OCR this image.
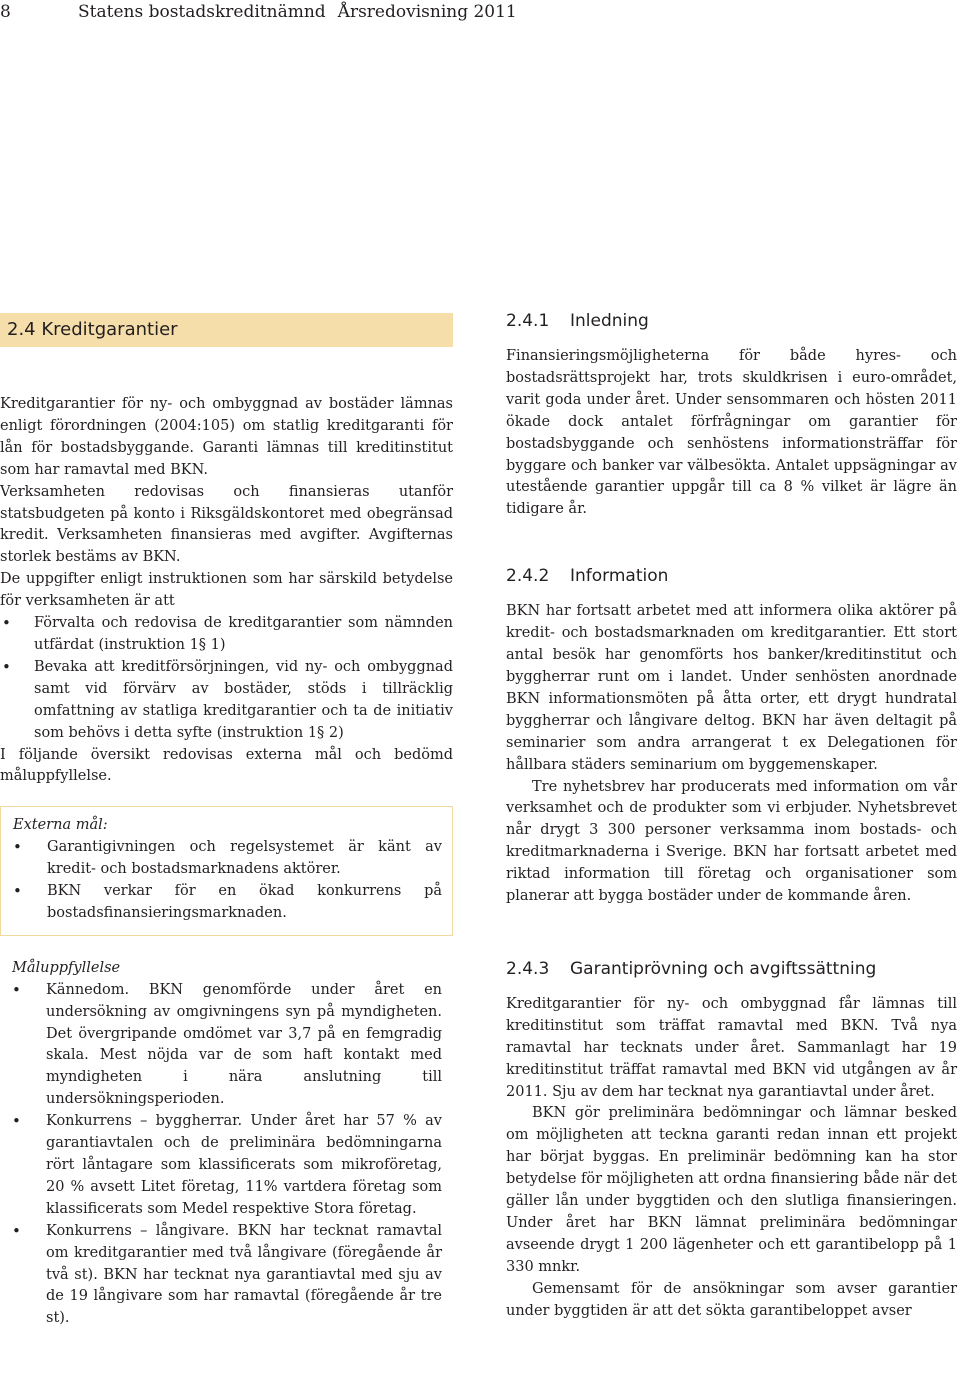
8	Statens bostadskreditnämnd Årsredovisning 2011
2.4 Kreditgarantier

Kreditgarantier för ny- och ombyggnad av bostäder lämnas enligt förordningen (2004:105) om statlig kreditgaranti för lån för bostadsbyggande. Garanti lämnas till kreditinstitut som har ramavtal med BKN.

Verksamheten redovisas och finansieras utanför statsbudgeten på konto i Riksgäldskontoret med obegränsad kredit. Verksamheten finansieras med avgifter. Avgifternas storlek bestäms av BKN.

De uppgifter enligt instruktionen som har särskild betydelse för verksamheten är att

• Förvalta och redovisa de kreditgarantier som nämnden utfärdat (instruktion 1§ 1)
• Bevaka att kreditförsörjningen, vid ny- och ombyggnad samt vid förvärv av bostäder, stöds i tillräcklig omfattning av statliga kreditgarantier och ta de initiativ som behövs i detta syfte (instruktion 1§ 2)

I följande översikt redovisas externa mål och bedömd måluppfyllelse.

Externa mål:
• Garantigivningen och regelsystemet är känt av kredit- och bostadsmarknadens aktörer.
• BKN verkar för en ökad konkurrens på bostadsfinansieringsmarknaden.
Måluppfyllelse
• Kännedom. BKN genomförde under året en undersökning av omgivningens syn på myndigheten. Det övergripande omdömet var 3,7 på en femgradig skala. Mest nöjda var de som haft kontakt med myndigheten i nära anslutning till undersökningsperioden.
• Konkurrens – byggherrar. Under året har 57 % av garantiavtalen och de preliminära bedömningarna rört låntagare som klassificerats som mikroföretag, 20 % avsett Litet företag, 11% vartdera företag som klassificerats som Medel respektive Stora företag.
• Konkurrens – långivare. BKN har tecknat ramavtal om kreditgarantier med två långivare (föregående år två st). BKN har tecknat nya garantiavtal med sju av de 19 långivare som har ramavtal (föregående år tre st).
2.4.1 Inledning

Finansieringsmöjligheterna för både hyres- och bostadsrättsprojekt har, trots skuldkrisen i euro-området, varit goda under året. Under sensommaren och hösten 2011 ökade dock antalet förfrågningar om garantier för bostadsbyggande och senhöstens informationsträffar för byggare och banker var välbesökta. Antalet uppsägningar av utestående garantier uppgår till ca 8 % vilket är lägre än tidigare år.

2.4.2 Information

BKN har fortsatt arbetet med att informera olika aktörer på kredit- och bostadsmarknaden om kreditgarantier. Ett stort antal besök har genomförts hos banker/kreditinstitut och byggherrar runt om i landet. Under senhösten anordnade BKN informationsmöten på åtta orter, ett drygt hundratal byggherrar och långivare deltog. BKN har även deltagit på seminarier som andra arrangerat t ex Delegationen för hållbara städers seminarium om byggemenskaper.

Tre nyhetsbrev har producerats med information om vår verksamhet och de produkter som vi erbjuder. Nyhetsbrevet når drygt 3 300 personer verksamma inom bostads- och kreditmarknaderna i Sverige. BKN har fortsatt arbetet med riktad information till företag och organisationer som planerar att bygga bostäder under de kommande åren.

2.4.3 Garantiprövning och avgiftssättning

Kreditgarantier för ny- och ombyggnad får lämnas till kreditinstitut som träffat ramavtal med BKN. Två nya ramavtal har tecknats under året. Sammanlagt har 19 kreditinstitut träffat ramavtal med BKN vid utgången av år 2011. Sju av dem har tecknat nya garantiavtal under året.

BKN gör preliminära bedömningar och lämnar besked om möjligheten att teckna garanti redan innan ett projekt har börjat byggas. En preliminär bedömning kan ha stor betydelse för möjligheten att ordna finansiering både när det gäller lån under byggtiden och den slutliga finansieringen. Under året har BKN lämnat preliminära bedömningar avseende drygt 1 200 lägenheter och ett garantibelopp på 1 330 mnkr.

Gemensamt för de ansökningar som avser garantier under byggtiden är att det sökta garantibeloppet avser
